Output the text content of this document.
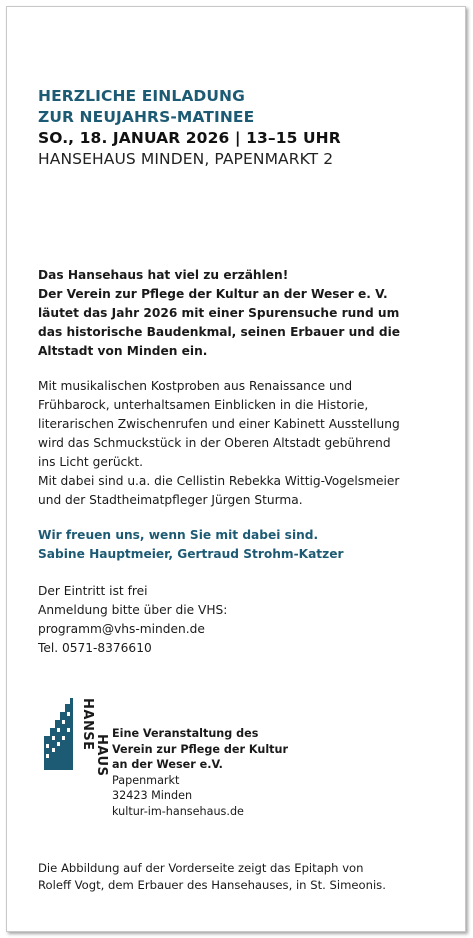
HERZLICHE EINLADUNG
ZUR NEUJAHRS-MATINEE
SO., 18. JANUAR 2026 | 13–15 UHR
HANSEHAUS MINDEN, PAPENMARKT 2
Das Hansehaus hat viel zu erzählen!
Der Verein zur Pflege der Kultur an der Weser e. V.
läutet das Jahr 2026 mit einer Spurensuche rund um
das historische Baudenkmal, seinen Erbauer und die
Altstadt von Minden ein.
Mit musikalischen Kostproben aus Renaissance und
Frühbarock, unterhaltsamen Einblicken in die Historie,
literarischen Zwischenrufen und einer Kabinett Ausstellung
wird das Schmuckstück in der Oberen Altstadt gebührend
ins Licht gerückt.
Mit dabei sind u.a. die Cellistin Rebekka Wittig-Vogelsmeier
und der Stadtheimatpfleger Jürgen Sturma.
Wir freuen uns, wenn Sie mit dabei sind.
Sabine Hauptmeier, Gertraud Strohm-Katzer
Der Eintritt ist frei
Anmeldung bitte über die VHS:
programm@vhs-minden.de
Tel. 0571-8376610
HANSE
HAUS
Eine Veranstaltung des
Verein zur Pflege der Kultur
an der Weser e.V.
Papenmarkt
32423 Minden
kultur-im-hansehaus.de
Die Abbildung auf der Vorderseite zeigt das Epitaph von
Roleff Vogt, dem Erbauer des Hansehauses, in St. Simeonis.
